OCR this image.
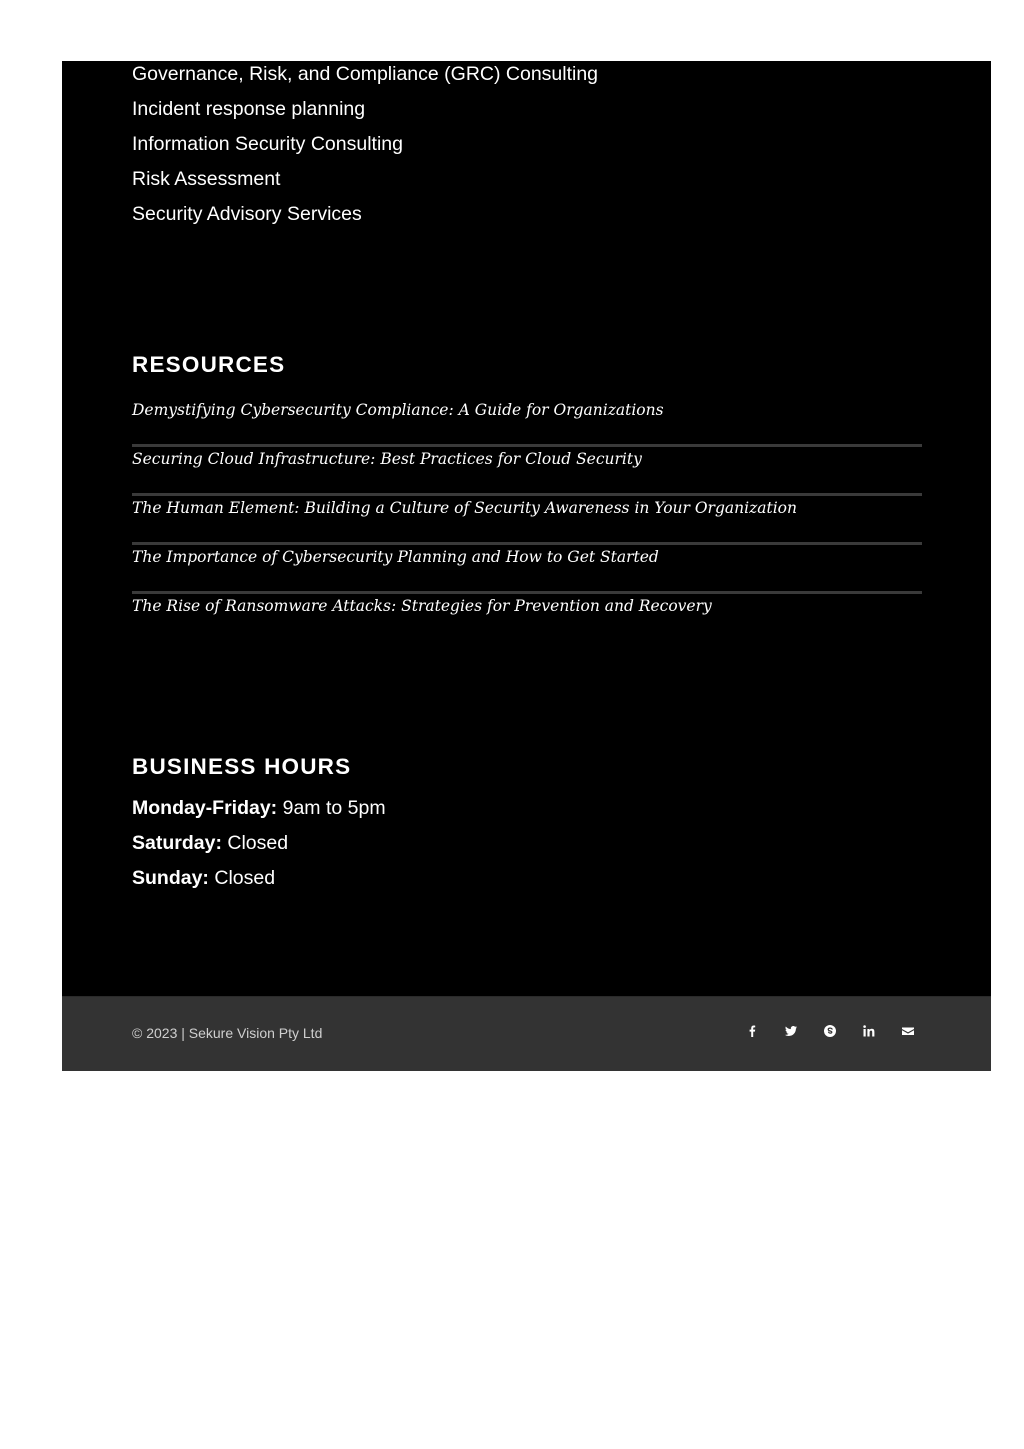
Governance, Risk, and Compliance (GRC) Consulting
Incident response planning
Information Security Consulting
Risk Assessment
Security Advisory Services
RESOURCES
Demystifying Cybersecurity Compliance: A Guide for Organizations
Securing Cloud Infrastructure: Best Practices for Cloud Security
The Human Element: Building a Culture of Security Awareness in Your Organization
The Importance of Cybersecurity Planning and How to Get Started
The Rise of Ransomware Attacks: Strategies for Prevention and Recovery
BUSINESS HOURS
Monday-Friday: 9am to 5pm
Saturday: Closed
Sunday: Closed
© 2023 | Sekure Vision Pty Ltd
